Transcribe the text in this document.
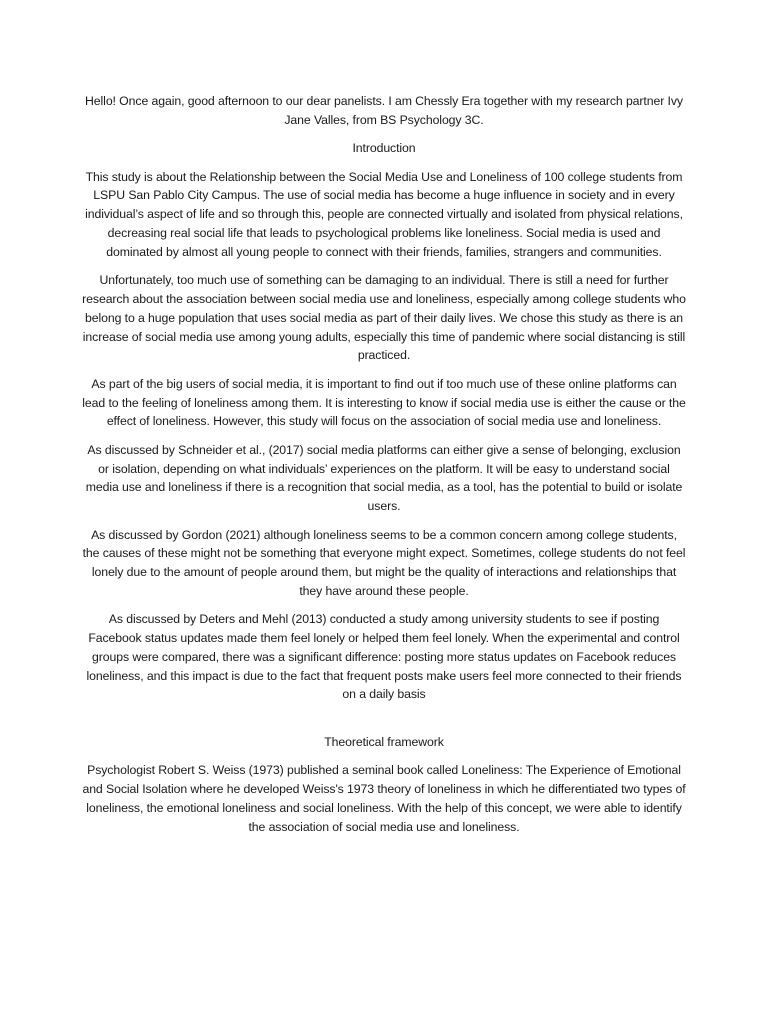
Hello! Once again, good afternoon to our dear panelists. I am Chessly Era together with my research partner Ivy Jane Valles, from BS Psychology 3C.

Introduction

This study is about the Relationship between the Social Media Use and Loneliness of 100 college students from LSPU San Pablo City Campus. The use of social media has become a huge influence in society and in every individual’s aspect of life and so through this, people are connected virtually and isolated from physical relations, decreasing real social life that leads to psychological problems like loneliness. Social media is used and dominated by almost all young people to connect with their friends, families, strangers and communities.

Unfortunately, too much use of something can be damaging to an individual. There is still a need for further research about the association between social media use and loneliness, especially among college students who belong to a huge population that uses social media as part of their daily lives. We chose this study as there is an increase of social media use among young adults, especially this time of pandemic where social distancing is still practiced.

As part of the big users of social media, it is important to find out if too much use of these online platforms can lead to the feeling of loneliness among them. It is interesting to know if social media use is either the cause or the effect of loneliness. However, this study will focus on the association of social media use and loneliness.

As discussed by Schneider et al., (2017) social media platforms can either give a sense of belonging, exclusion or isolation, depending on what individuals’ experiences on the platform. It will be easy to understand social media use and loneliness if there is a recognition that social media, as a tool, has the potential to build or isolate users.

As discussed by Gordon (2021) although loneliness seems to be a common concern among college students, the causes of these might not be something that everyone might expect. Sometimes, college students do not feel lonely due to the amount of people around them, but might be the quality of interactions and relationships that they have around these people.

As discussed by Deters and Mehl (2013) conducted a study among university students to see if posting Facebook status updates made them feel lonely or helped them feel lonely. When the experimental and control groups were compared, there was a significant difference: posting more status updates on Facebook reduces loneliness, and this impact is due to the fact that frequent posts make users feel more connected to their friends on a daily basis

Theoretical framework

Psychologist Robert S. Weiss (1973) published a seminal book called Loneliness: The Experience of Emotional and Social Isolation where he developed Weiss's 1973 theory of loneliness in which he differentiated two types of loneliness, the emotional loneliness and social loneliness. With the help of this concept, we were able to identify the association of social media use and loneliness.
